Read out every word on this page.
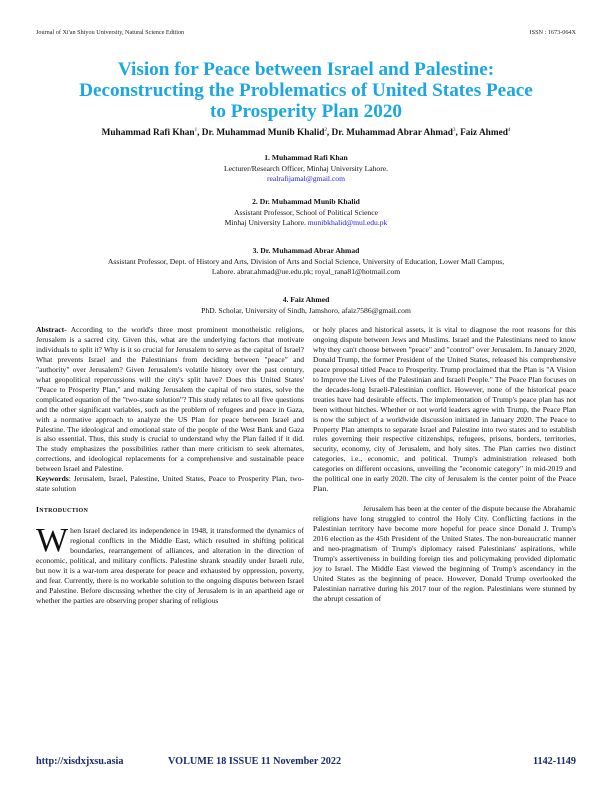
Journal of Xi'an Shiyou University, Natural Science Edition	ISSN : 1673-064X
Vision for Peace between Israel and Palestine:
Deconstructing the Problematics of United States Peace
to Prosperity Plan 2020
Muhammad Rafi Khan$^1$, Dr. Muhammad Munib Khalid$^2$, Dr. Muhammad Abrar Ahmad$^3$, Faiz Ahmed$^4$
1. Muhammad Rafi Khan
Lecturer/Research Officer, Minhaj University Lahore.
realrafijamal@gmail.com
2. Dr. Muhammad Munib Khalid
Assistant Professor, School of Political Science
Minhaj University Lahore. munibkhalid@mul.edu.pk
3. Dr. Muhammad Abrar Ahmad
Assistant Professor, Dept. of History and Arts, Division of Arts and Social Science, University of Education, Lower Mall Campus,
Lahore. abrar.ahmad@ue.edu.pk; royal_rana81@hotmail.com
4. Faiz Ahmed
PhD. Scholar, University of Sindh, Jamshoro, afaiz7586@gmail.com

Abstract- According to the world's three most prominent monotheistic religions, Jerusalem is a sacred city. Given this, what are the underlying factors that motivate individuals to split it? Why is it so crucial for Jerusalem to serve as the capital of Israel? What prevents Israel and the Palestinians from deciding between "peace" and "authority" over Jerusalem? Given Jerusalem's volatile history over the past century, what geopolitical repercussions will the city's split have? Does this United States' "Peace to Prosperity Plan," and making Jerusalem the capital of two states, solve the complicated equation of the "two-state solution"? This study relates to all five questions and the other significant variables, such as the problem of refugees and peace in Gaza, with a normative approach to analyze the US Plan for peace between Israel and Palestine. The ideological and emotional state of the people of the West Bank and Gaza is also essential. Thus, this study is crucial to understand why the Plan failed if it did. The study emphasizes the possibilities rather than mere criticism to seek alternates, corrections, and ideological replacements for a comprehensive and sustainable peace between Israel and Palestine.

Keywords: Jerusalem, Israel, Palestine, United States, Peace to Prosperity Plan, two-state solution

INTRODUCTION

When Israel declared its independence in 1948, it transformed the dynamics of regional conflicts in the Middle East, which resulted in shifting political boundaries, rearrangement of alliances, and alteration in the direction of economic, political, and military conflicts. Palestine shrank steadily under Israeli rule, but now it is a war-torn area desperate for peace and exhausted by oppression, poverty, and fear. Currently, there is no workable solution to the ongoing disputes between Israel and Palestine. Before discussing whether the city of Jerusalem is in an apartheid age or whether the parties are observing proper sharing of religious

or holy places and historical assets, it is vital to diagnose the root reasons for this ongoing dispute between Jews and Muslims. Israel and the Palestinians need to know why they can't choose between "peace" and "control" over Jerusalem. In January 2020, Donald Trump, the former President of the United States, released his comprehensive peace proposal titled Peace to Prosperity. Trump proclaimed that the Plan is "A Vision to Improve the Lives of the Palestinian and Israeli People." The Peace Plan focuses on the decades-long Israeli-Palestinian conflict. However, none of the historical peace treaties have had desirable effects. The implementation of Trump's peace plan has not been without hitches. Whether or not world leaders agree with Trump, the Peace Plan is now the subject of a worldwide discussion initiated in January 2020. The Peace to Property Plan attempts to separate Israel and Palestine into two states and to establish rules governing their respective citizenships, refugees, prisons, borders, territories, security, economy, city of Jerusalem, and holy sites. The Plan carries two distinct categories, i.e., economic, and political. Trump's administration released both categories on different occasions, unveiling the "economic category" in mid-2019 and the political one in early 2020. The city of Jerusalem is the center point of the Peace Plan.

Jerusalem has been at the center of the dispute because the Abrahamic religions have long struggled to control the Holy City. Conflicting factions in the Palestinian territory have become more hopeful for peace since Donald J. Trump's 2016 election as the 45th President of the United States. The non-bureaucratic manner and neo-pragmatism of Trump's diplomacy raised Palestinians' aspirations, while Trump's assertiveness in building foreign ties and policymaking provided diplomatic joy to Israel. The Middle East viewed the beginning of Trump's ascendancy in the United States as the beginning of peace. However, Donald Trump overlooked the Palestinian narrative during his 2017 tour of the region. Palestinians were stunned by the abrupt cessation of

http://xisdxjxsu.asia	VOLUME 18 ISSUE 11 November 2022	1142-1149
